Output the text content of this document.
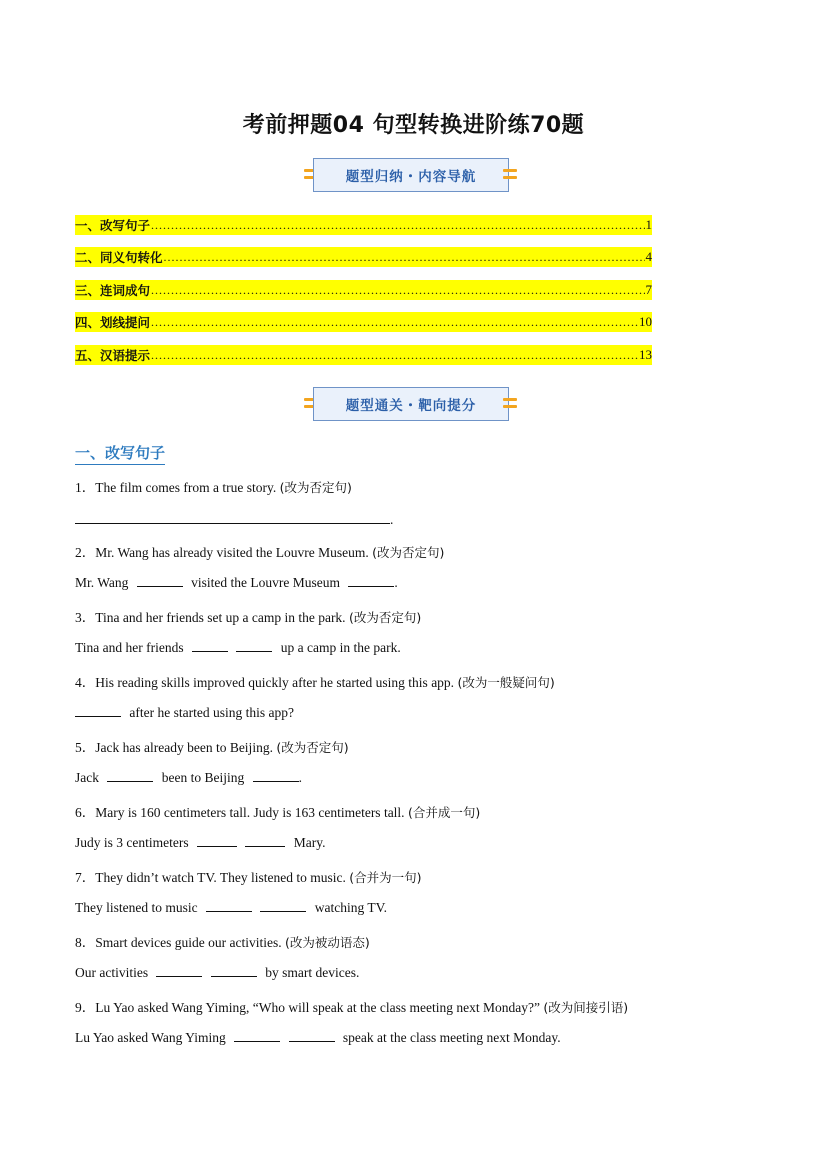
考前押题04 句型转换进阶练70题
题型归纳・内容导航
一、改写句子 .....	1
二、同义句转化 .....	4
三、连词成句 .....	7
四、划线提问 .....	10
五、汉语提示 .....	13
题型通关・靶向提分
一、改写句子
1．The film comes from a true story. (改为否定句)
.
2．Mr. Wang has already visited the Louvre Museum. (改为否定句)
Mr. Wang	visited the Louvre Museum	.
3．Tina and her friends set up a camp in the park. (改为否定句)
Tina and her friends	up a camp in the park.
4．His reading skills improved quickly after he started using this app. (改为一般疑问句)
after he started using this app?
5．Jack has already been to Beijing. (改为否定句)
Jack	been to Beijing	.
6．Mary is 160 centimeters tall. Judy is 163 centimeters tall. (合并成一句)
Judy is 3 centimeters	Mary.
7．They didn’t watch TV. They listened to music. (合并为一句)
They listened to music	watching TV.
8．Smart devices guide our activities. (改为被动语态)
Our activities	by smart devices.
9．Lu Yao asked Wang Yiming, “Who will speak at the class meeting next Monday?” (改为间接引语)
Lu Yao asked Wang Yiming	speak at the class meeting next Monday.
